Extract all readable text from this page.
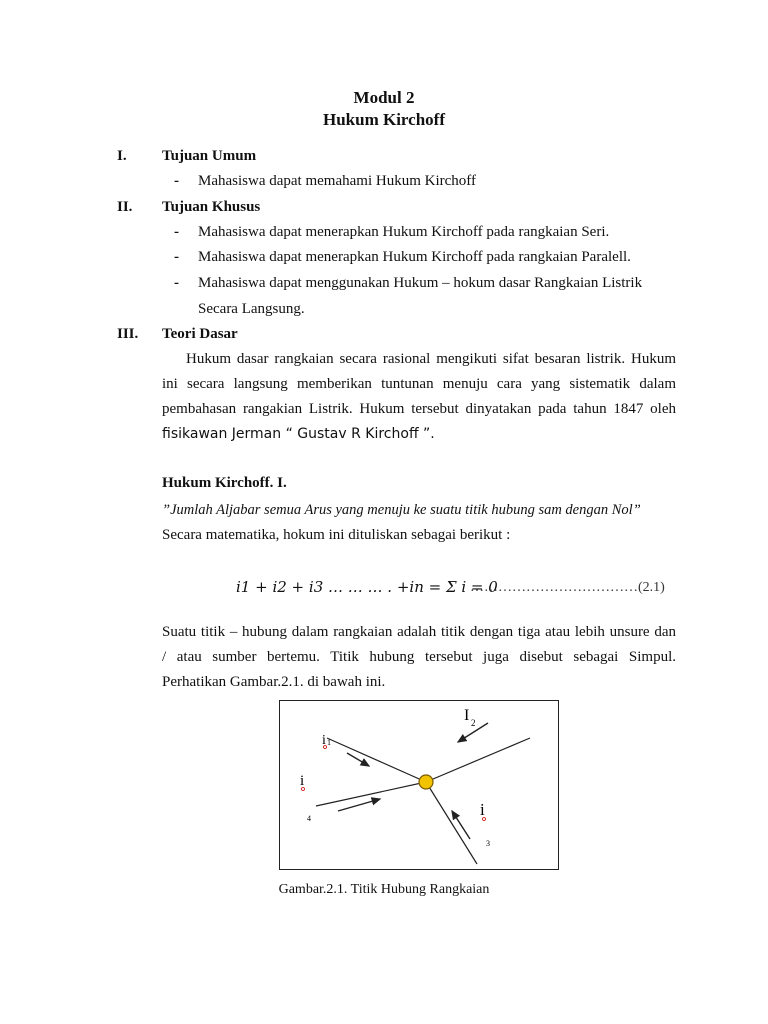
Modul 2
Hukum Kirchoff
I. Tujuan Umum
- Mahasiswa dapat memahami Hukum Kirchoff
II. Tujuan Khusus
- Mahasiswa dapat menerapkan Hukum Kirchoff pada rangkaian Seri.
- Mahasiswa dapat menerapkan Hukum Kirchoff pada rangkaian Paralell.
- Mahasiswa dapat menggunakan Hukum – hokum dasar Rangkaian Listrik
Secara Langsung.
III. Teori Dasar
Hukum dasar rangkaian secara rasional mengikuti sifat besaran listrik. Hukum
ini secara langsung memberikan tuntunan menuju cara yang sistematik dalam
pembahasan rangakian Listrik. Hukum tersebut dinyatakan pada tahun 1847 oleh
fisikawan Jerman “ Gustav R Kirchoff ”.
Hukum Kirchoff. I.
”Jumlah Aljabar semua Arus yang menuju ke suatu titik hubung sam dengan Nol”
Secara matematika, hokum ini dituliskan sebagai berikut :
𝑖1 + 𝑖2 + 𝑖3 … … … . +𝑖𝑛 = Σ i = 0
………………………………(2.1)
Suatu titik – hubung dalam rangkaian adalah titik dengan tiga atau lebih unsure dan
/ atau sumber bertemu. Titik hubung tersebut juga disebut sebagai Simpul.
Perhatikan Gambar.2.1. di bawah ini.
I 2
i 1
i
4	i
3
Gambar.2.1. Titik Hubung Rangkaian
